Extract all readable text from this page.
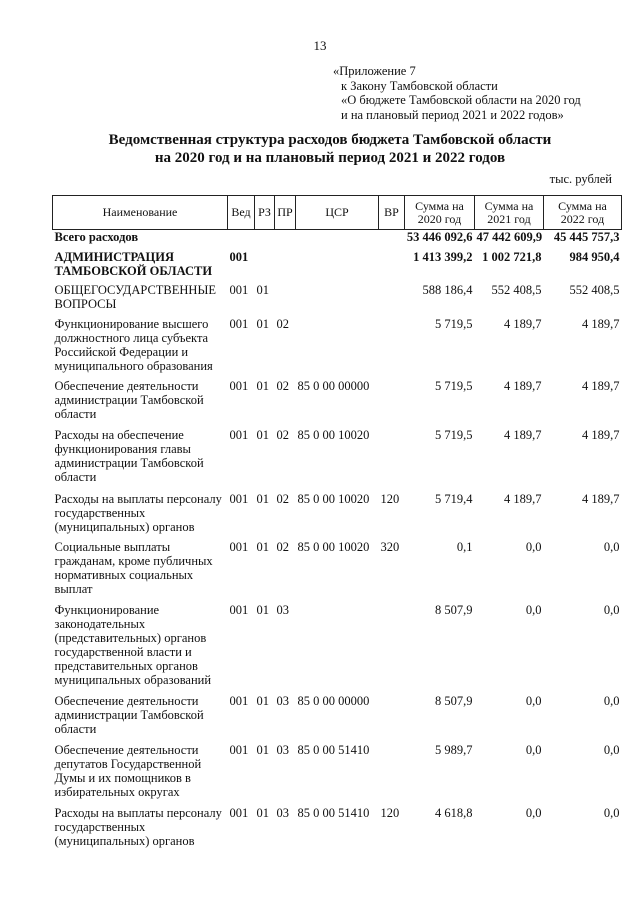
13
«Приложение 7
к Закону Тамбовской области
«О бюджете Тамбовской области на 2020 год
и на плановый период 2021 и 2022 годов»
Ведомственная структура расходов бюджета Тамбовской области
на 2020 год и на плановый период 2021 и 2022 годов
тыс. рублей
Наименование	Вед	РЗ	ПР	ЦСР	ВР	Сумма на 2020 год	Сумма на 2021 год	Сумма на 2022 год
Всего расходов						53 446 092,6	47 442 609,9	45 445 757,3

АДМИНИСТРАЦИЯ ТАМБОВСКОЙ ОБЛАСТИ	001					1 413 399,2	1 002 721,8	984 950,4

ОБЩЕГОСУДАРСТВЕННЫЕ ВОПРОСЫ	001	01				588 186,4	552 408,5	552 408,5

Функционирование высшего должностного лица субъекта Российской Федерации и муниципального образования	001	01	02			5 719,5	4 189,7	4 189,7

Обеспечение деятельности администрации Тамбовской области	001	01	02	85 0 00 00000		5 719,5	4 189,7	4 189,7

Расходы на обеспечение функционирования главы администрации Тамбовской области	001	01	02	85 0 00 10020		5 719,5	4 189,7	4 189,7

Расходы на выплаты персоналу государственных (муниципальных) органов	001	01	02	85 0 00 10020	120	5 719,4	4 189,7	4 189,7

Социальные выплаты гражданам, кроме публичных нормативных социальных выплат	001	01	02	85 0 00 10020	320	0,1	0,0	0,0

Функционирование законодательных (представительных) органов государственной власти и представительных органов муниципальных образований	001	01	03			8 507,9	0,0	0,0

Обеспечение деятельности администрации Тамбовской области	001	01	03	85 0 00 00000		8 507,9	0,0	0,0

Обеспечение деятельности депутатов Государственной Думы и их помощников в избирательных округах	001	01	03	85 0 00 51410		5 989,7	0,0	0,0

Расходы на выплаты персоналу государственных (муниципальных) органов	001	01	03	85 0 00 51410	120	4 618,8	0,0	0,0
